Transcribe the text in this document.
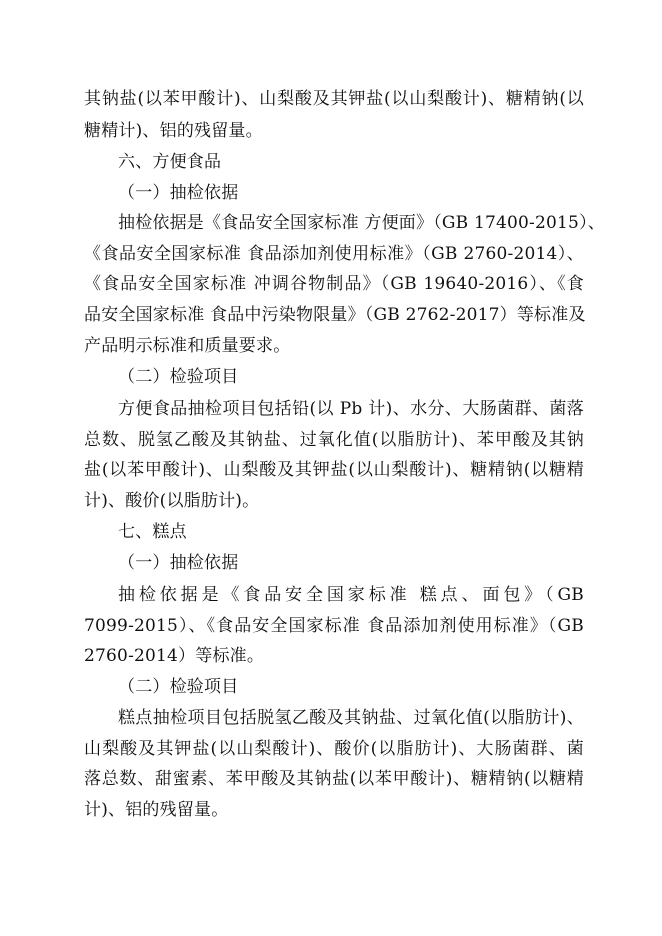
其钠盐(以苯甲酸计)、山梨酸及其钾盐(以山梨酸计)、糖精钠(以
糖精计)、铝的残留量。
六、方便食品
（一）抽检依据
抽检依据是《食品安全国家标准 方便面》（GB 17400-2015）、
《食品安全国家标准 食品添加剂使用标准》（GB 2760-2014）、
《食品安全国家标准 冲调谷物制品》（GB 19640-2016）、《食
品安全国家标准 食品中污染物限量》（GB 2762-2017）等标准及
产品明示标准和质量要求。
（二）检验项目
方便食品抽检项目包括铅(以 Pb 计)、水分、大肠菌群、菌落
总数、脱氢乙酸及其钠盐、过氧化值(以脂肪计)、苯甲酸及其钠
盐(以苯甲酸计)、山梨酸及其钾盐(以山梨酸计)、糖精钠(以糖精
计)、酸价(以脂肪计)。
七、糕点
（一）抽检依据
抽检依据是《食品安全国家标准 糕点、面包》（GB
7099-2015）、《食品安全国家标准 食品添加剂使用标准》（GB
2760-2014）等标准。
（二）检验项目
糕点抽检项目包括脱氢乙酸及其钠盐、过氧化值(以脂肪计)、
山梨酸及其钾盐(以山梨酸计)、酸价(以脂肪计)、大肠菌群、菌
落总数、甜蜜素、苯甲酸及其钠盐(以苯甲酸计)、糖精钠(以糖精
计)、铝的残留量。
